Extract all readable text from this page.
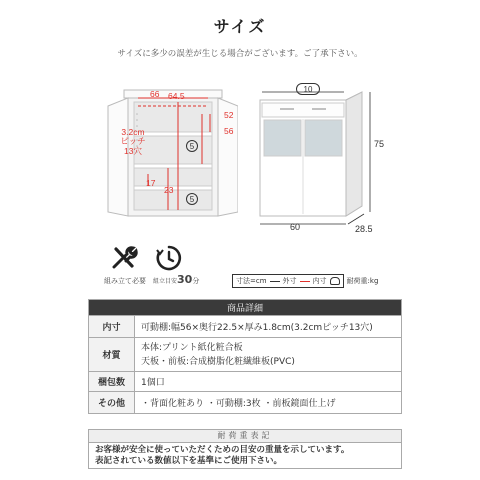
サイズ
サイズに多少の誤差が生じる場合がございます。ご了承下さい。
66 64.5
52
56
3.2cm
ピッチ
13穴	5
5
17
23
10
75
60	28.5
組み立て必要 組立目安30分	寸法=cm 外寸 内寸	耐荷重:kg
商品詳細	
内寸	可動棚:幅56×奥行22.5×厚み1.8cm(3.2cmピッチ13穴)
材質	本体:プリント紙化粧合板
天板・前板:合成樹脂化粧繊維板(PVC)
梱包数	1個口
その他	・背面化粧あり ・可動棚:3枚 ・前板鏡面仕上げ
耐荷重表記
お客様が安全に使っていただくための目安の重量を示しています。
表記されている数値以下を基準にご使用下さい。
